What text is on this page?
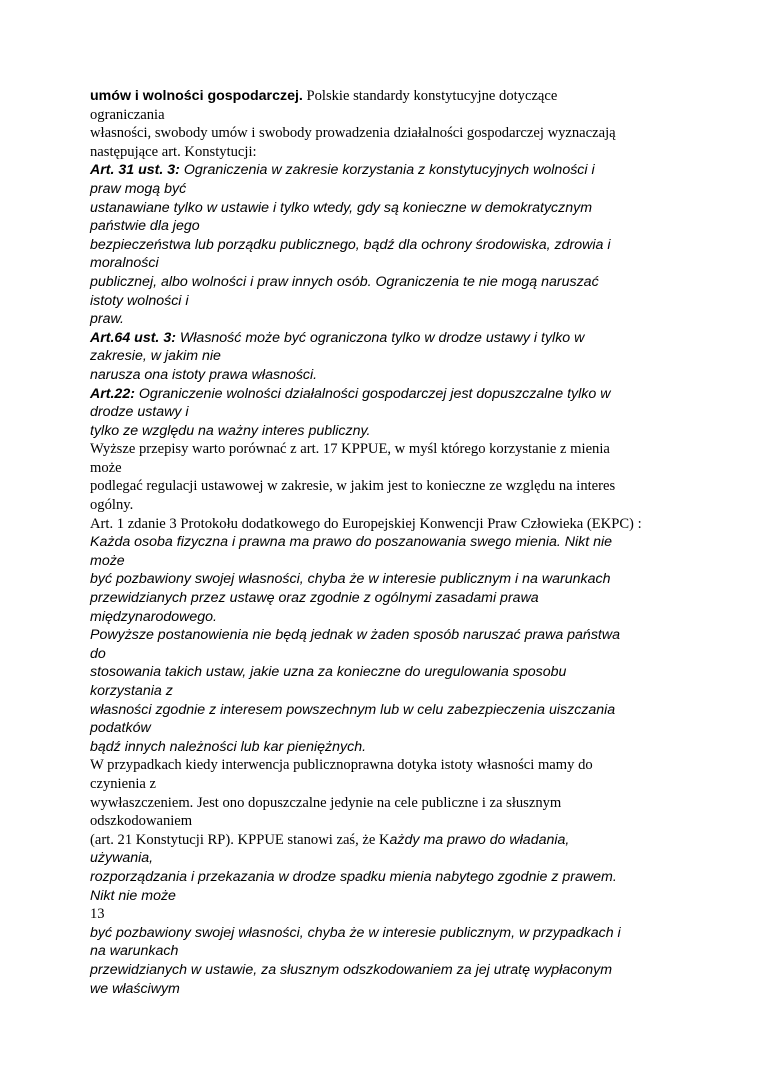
umów i wolności gospodarczej. Polskie standardy konstytucyjne dotyczące
ograniczania
własności, swobody umów i swobody prowadzenia działalności gospodarczej wyznaczają
następujące art. Konstytucji:
Art. 31 ust. 3: Ograniczenia w zakresie korzystania z konstytucyjnych wolności i
praw mogą być
ustanawiane tylko w ustawie i tylko wtedy, gdy są konieczne w demokratycznym
państwie dla jego
bezpieczeństwa lub porządku publicznego, bądź dla ochrony środowiska, zdrowia i
moralności
publicznej, albo wolności i praw innych osób. Ograniczenia te nie mogą naruszać
istoty wolności i
praw.
Art.64 ust. 3: Własność może być ograniczona tylko w drodze ustawy i tylko w
zakresie, w jakim nie
narusza ona istoty prawa własności.
Art.22: Ograniczenie wolności działalności gospodarczej jest dopuszczalne tylko w
drodze ustawy i
tylko ze względu na ważny interes publiczny.
Wyższe przepisy warto porównać z art. 17 KPPUE, w myśl którego korzystanie z mienia
może
podlegać regulacji ustawowej w zakresie, w jakim jest to konieczne ze względu na interes
ogólny.
Art. 1 zdanie 3 Protokołu dodatkowego do Europejskiej Konwencji Praw Człowieka (EKPC) :
Każda osoba fizyczna i prawna ma prawo do poszanowania swego mienia. Nikt nie
może
być pozbawiony swojej własności, chyba że w interesie publicznym i na warunkach
przewidzianych przez ustawę oraz zgodnie z ogólnymi zasadami prawa
międzynarodowego.
Powyższe postanowienia nie będą jednak w żaden sposób naruszać prawa państwa
do
stosowania takich ustaw, jakie uzna za konieczne do uregulowania sposobu
korzystania z
własności zgodnie z interesem powszechnym lub w celu zabezpieczenia uiszczania
podatków
bądź innych należności lub kar pieniężnych.
W przypadkach kiedy interwencja publicznoprawna dotyka istoty własności mamy do
czynienia z
wywłaszczeniem. Jest ono dopuszczalne jedynie na cele publiczne i za słusznym
odszkodowaniem
(art. 21 Konstytucji RP). KPPUE stanowi zaś, że Każdy ma prawo do władania,
używania,
rozporządzania i przekazania w drodze spadku mienia nabytego zgodnie z prawem.
Nikt nie może
13
być pozbawiony swojej własności, chyba że w interesie publicznym, w przypadkach i
na warunkach
przewidzianych w ustawie, za słusznym odszkodowaniem za jej utratę wypłaconym
we właściwym
